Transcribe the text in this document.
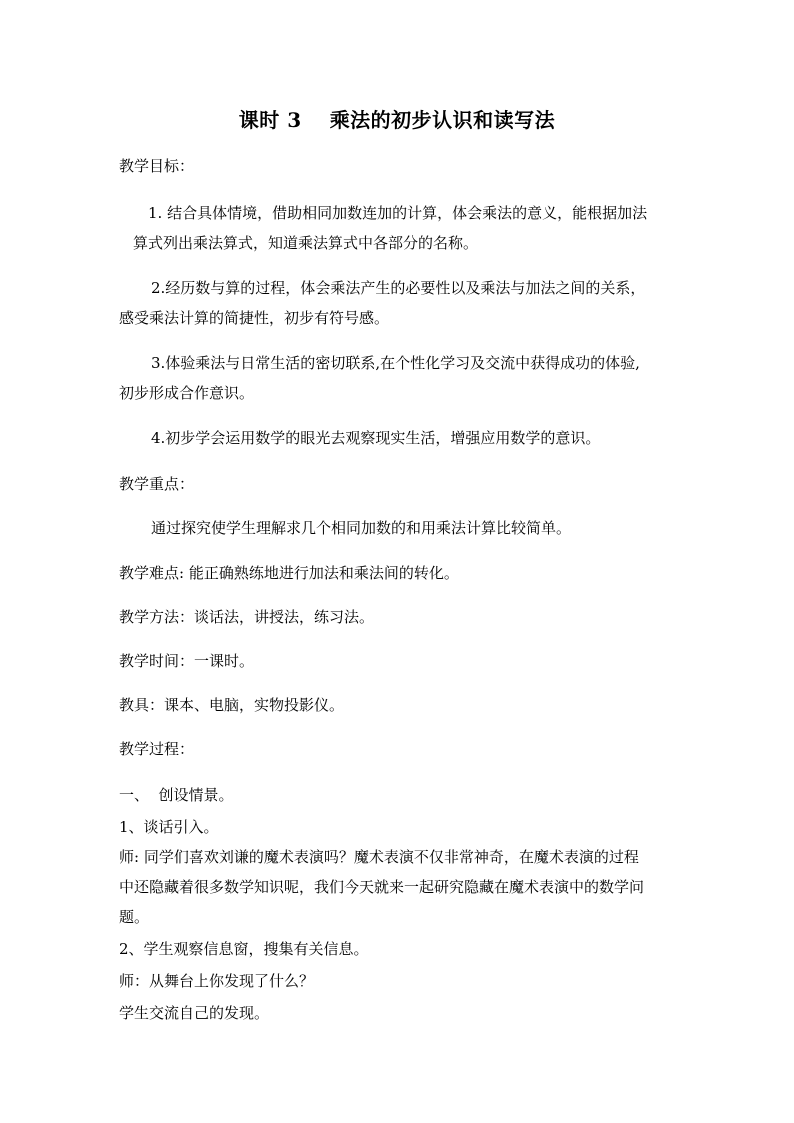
课时 3 乘法的初步认识和读写法
教学目标：
1. 结合具体情境，借助相同加数连加的计算，体会乘法的意义，能根据加法
算式列出乘法算式，知道乘法算式中各部分的名称。
2.经历数与算的过程，体会乘法产生的必要性以及乘法与加法之间的关系，
感受乘法计算的简捷性，初步有符号感。
3.体验乘法与日常生活的密切联系,在个性化学习及交流中获得成功的体验,
初步形成合作意识。
4.初步学会运用数学的眼光去观察现实生活，增强应用数学的意识。
教学重点：
通过探究使学生理解求几个相同加数的和用乘法计算比较简单。
教学难点: 能正确熟练地进行加法和乘法间的转化。
教学方法：谈话法，讲授法，练习法。
教学时间：一课时。
教具：课本、电脑，实物投影仪。
教学过程：
一、  创设情景。
1、谈话引入。
师: 同学们喜欢刘谦的魔术表演吗？魔术表演不仅非常神奇，在魔术表演的过程
中还隐藏着很多数学知识呢，我们今天就来一起研究隐藏在魔术表演中的数学问
题。
2、学生观察信息窗，搜集有关信息。
师：从舞台上你发现了什么？
学生交流自己的发现。
